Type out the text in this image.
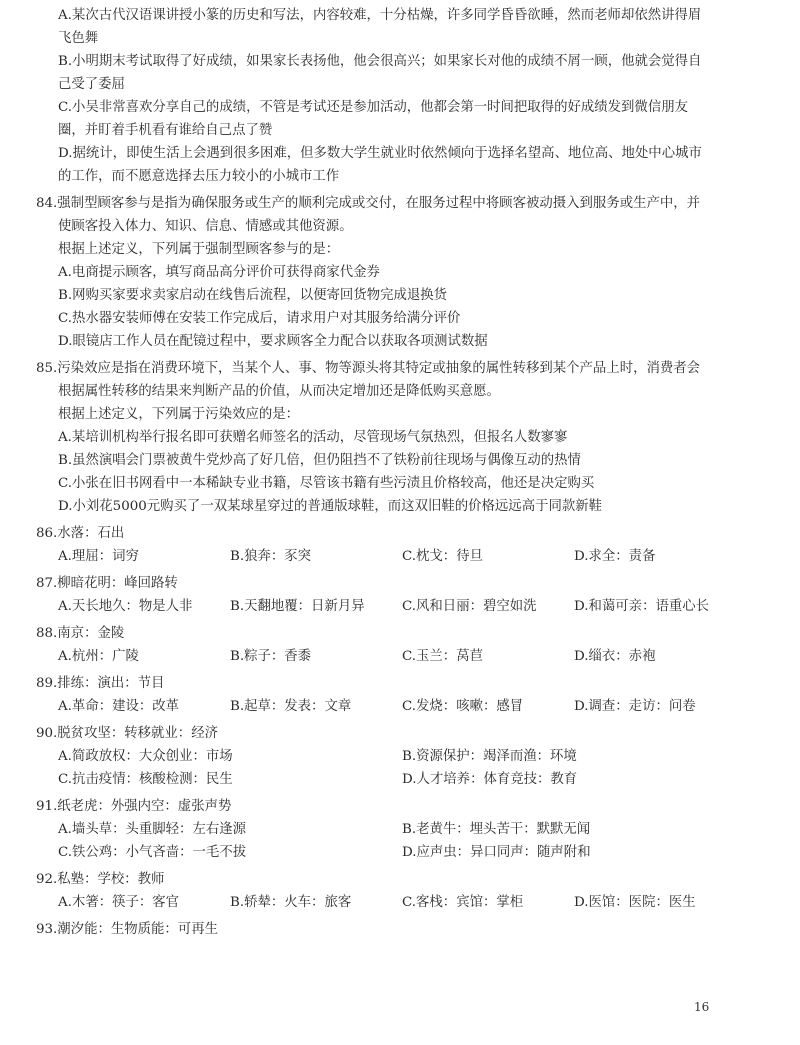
A.某次古代汉语课讲授小篆的历史和写法，内容较难，十分枯燥，许多同学昏昏欲睡，然而老师却依然讲得眉
飞色舞
B.小明期末考试取得了好成绩，如果家长表扬他，他会很高兴；如果家长对他的成绩不屑一顾，他就会觉得自
己受了委屈
C.小吴非常喜欢分享自己的成绩，不管是考试还是参加活动，他都会第一时间把取得的好成绩发到微信朋友
圈，并盯着手机看有谁给自己点了赞
D.据统计，即使生活上会遇到很多困难，但多数大学生就业时依然倾向于选择名望高、地位高、地处中心城市
的工作，而不愿意选择去压力较小的小城市工作
84.强制型顾客参与是指为确保服务或生产的顺利完成或交付，在服务过程中将顾客被动摄入到服务或生产中，并
使顾客投入体力、知识、信息、情感或其他资源。
根据上述定义，下列属于强制型顾客参与的是：
A.电商提示顾客，填写商品高分评价可获得商家代金券
B.网购买家要求卖家启动在线售后流程，以便寄回货物完成退换货
C.热水器安装师傅在安装工作完成后，请求用户对其服务给满分评价
D.眼镜店工作人员在配镜过程中，要求顾客全力配合以获取各项测试数据
85.污染效应是指在消费环境下，当某个人、事、物等源头将其特定或抽象的属性转移到某个产品上时，消费者会
根据属性转移的结果来判断产品的价值，从而决定增加还是降低购买意愿。
根据上述定义，下列属于污染效应的是：
A.某培训机构举行报名即可获赠名师签名的活动，尽管现场气氛热烈，但报名人数寥寥
B.虽然演唱会门票被黄牛党炒高了好几倍，但仍阻挡不了铁粉前往现场与偶像互动的热情
C.小张在旧书网看中一本稀缺专业书籍，尽管该书籍有些污渍且价格较高，他还是决定购买
D.小刘花5000元购买了一双某球星穿过的普通版球鞋，而这双旧鞋的价格远远高于同款新鞋
86.水落：石出
A.理屈：词穷	B.狼奔：豕突	C.枕戈：待旦	D.求全：责备
87.柳暗花明：峰回路转
A.天长地久：物是人非	B.天翻地覆：日新月异	C.风和日丽：碧空如洗	D.和蔼可亲：语重心长
88.南京：金陵
A.杭州：广陵	B.粽子：香黍	C.玉兰：莴苣	D.缁衣：赤袍
89.排练：演出：节目
A.革命：建设：改革	B.起草：发表：文章	C.发烧：咳嗽：感冒	D.调查：走访：问卷
90.脱贫攻坚：转移就业：经济
A.简政放权：大众创业：市场	B.资源保护：竭泽而渔：环境
C.抗击疫情：核酸检测：民生	D.人才培养：体育竞技：教育
91.纸老虎：外强内空：虚张声势
A.墙头草：头重脚轻：左右逢源	B.老黄牛：埋头苦干：默默无闻
C.铁公鸡：小气吝啬：一毛不拔	D.应声虫：异口同声：随声附和
92.私塾：学校：教师
A.木箸：筷子：客官	B.轿辇：火车：旅客	C.客栈：宾馆：掌柜	D.医馆：医院：医生
93.潮汐能：生物质能：可再生
16
